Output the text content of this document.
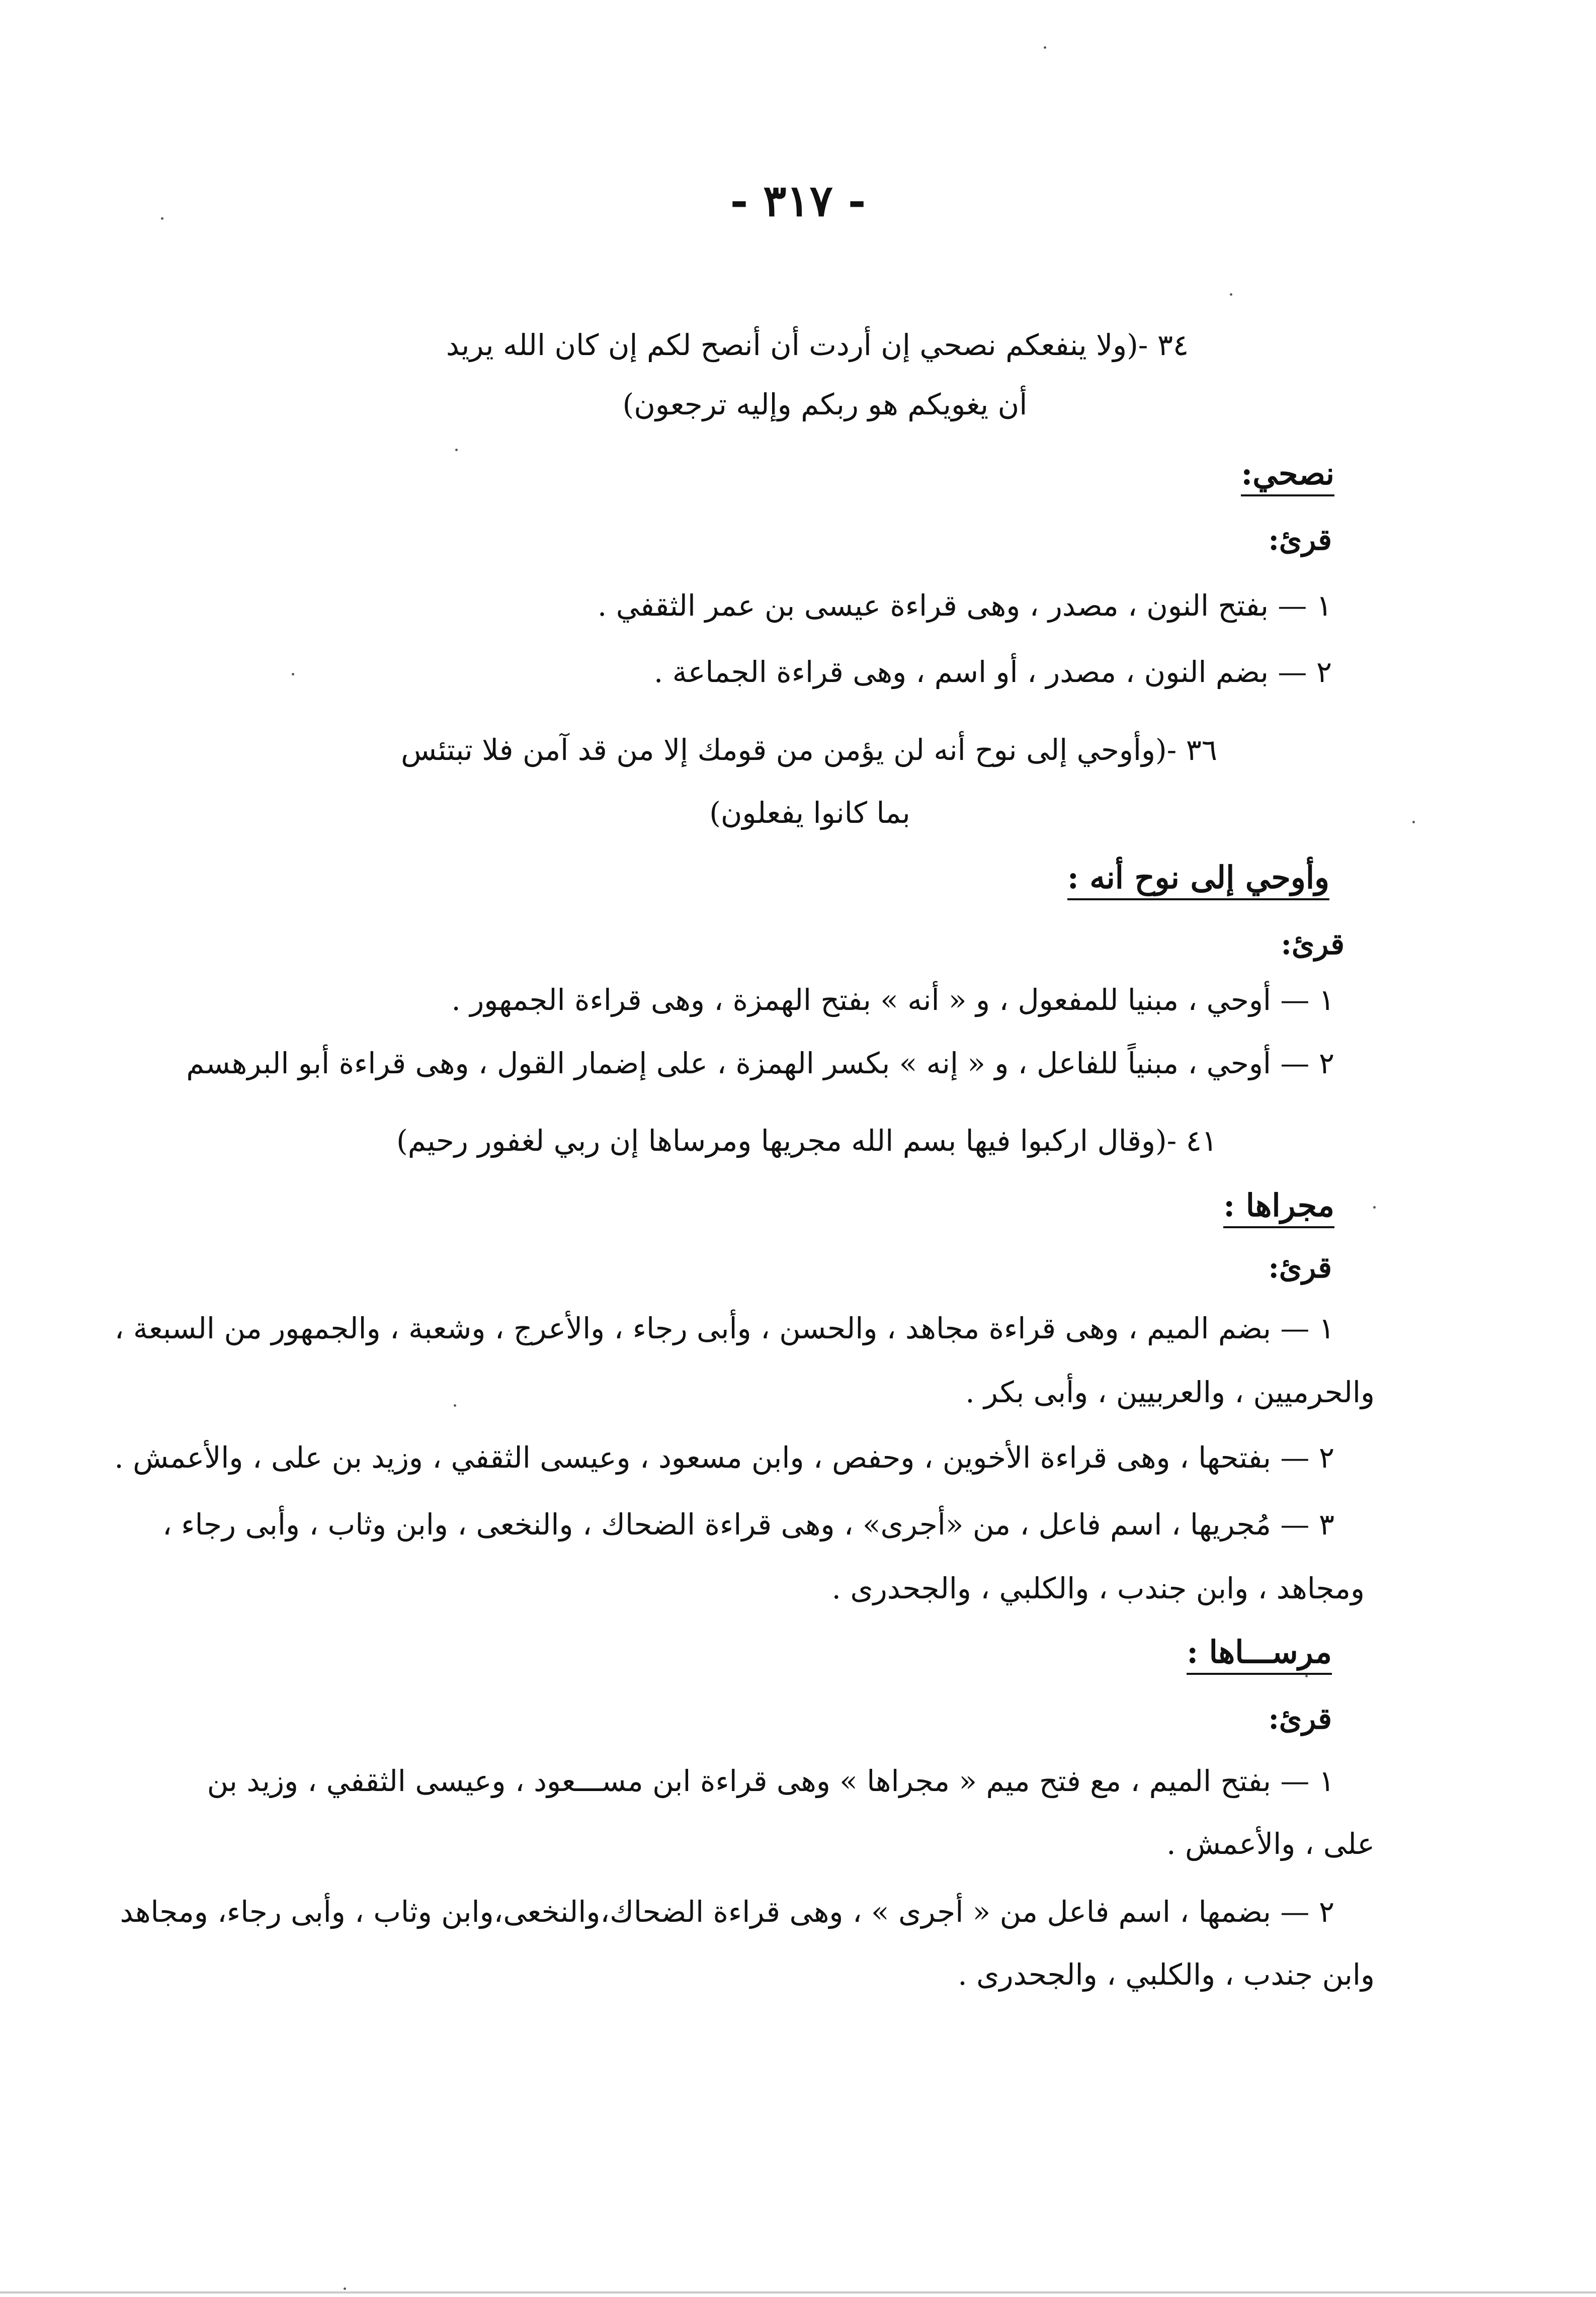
- ٣١٧ -
٣٤ -(ولا ينفعكم نصحي إن أردت أن أنصح لكم إن كان الله يريد
أن يغويكم هو ربكم وإليه ترجعون)
نصحي:
قرئ:
١ — بفتح النون ، مصدر ، وهى قراءة عيسى بن عمر الثقفي .
٢ — بضم النون ، مصدر ، أو اسم ، وهى قراءة الجماعة .
٣٦ -(وأوحي إلى نوح أنه لن يؤمن من قومك إلا من قد آمن فلا تبتئس
بما كانوا يفعلون)
وأوحي إلى نوح أنه :
قرئ:
١ — أوحي ، مبنيا للمفعول ، و « أنه » بفتح الهمزة ، وهى قراءة الجمهور .
٢ — أوحي ، مبنياً للفاعل ، و « إنه » بكسر الهمزة ، على إضمار القول ، وهى قراءة أبو البرهسم
٤١ -(وقال اركبوا فيها بسم الله مجريها ومرساها إن ربي لغفور رحيم)
مجراها :
قرئ:
١ — بضم الميم ، وهى قراءة مجاهد ، والحسن ، وأبى رجاء ، والأعرج ، وشعبة ، والجمهور من السبعة ،
والحرميين ، والعربيين ، وأبى بكر .
٢ — بفتحها ، وهى قراءة الأخوين ، وحفص ، وابن مسعود ، وعيسى الثقفي ، وزيد بن على ، والأعمش .
٣ — مُجريها ، اسم فاعل ، من «أجرى» ، وهى قراءة الضحاك ، والنخعى ، وابن وثاب ، وأبى رجاء ،
ومجاهد ، وابن جندب ، والكلبي ، والجحدرى .
مرســـاها :
قرئ:
١ — بفتح الميم ، مع فتح ميم « مجراها » وهى قراءة ابن مســـعود ، وعيسى الثقفي ، وزيد بن
على ، والأعمش .
٢ — بضمها ، اسم فاعل من « أجرى » ، وهى قراءة الضحاك،والنخعى،وابن وثاب ، وأبى رجاء، ومجاهد
وابن جندب ، والكلبي ، والجحدرى .
